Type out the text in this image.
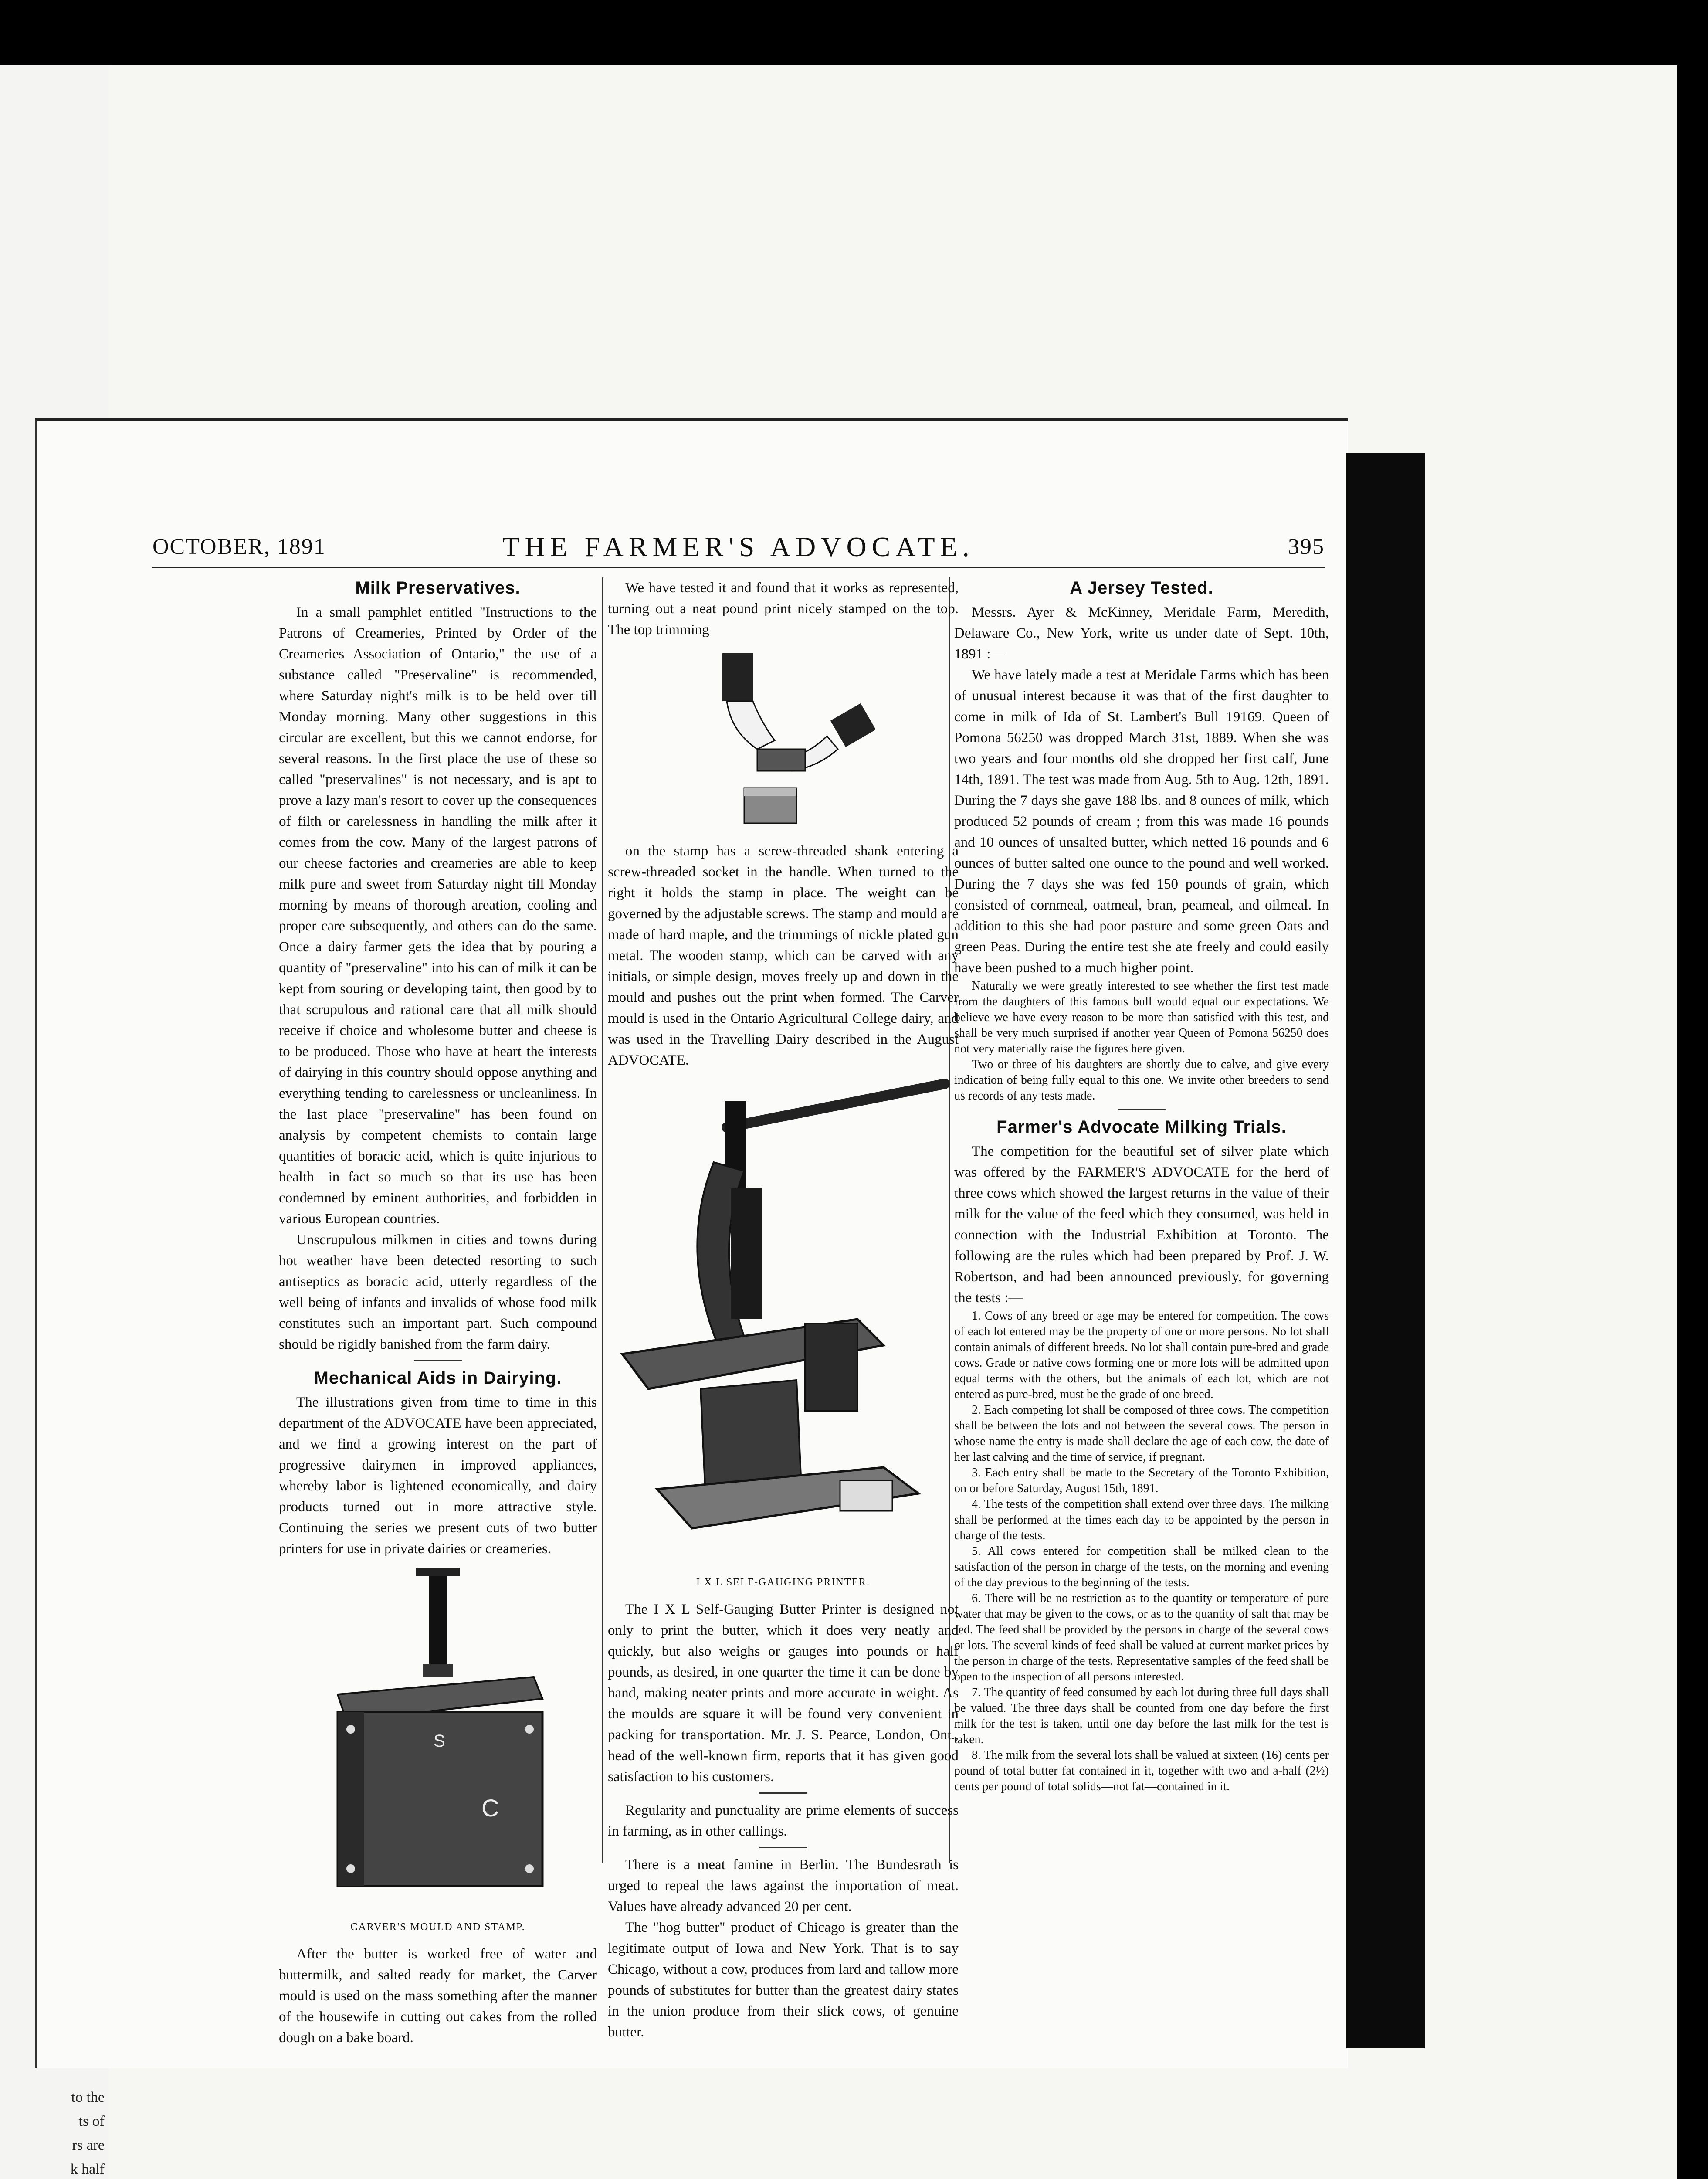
to the
ts of
rs are
k half
OCTOBER, 1891	THE FARMER'S ADVOCATE.	395
Milk Preservatives.

In a small pamphlet entitled "Instructions to the Patrons of Creameries, Printed by Order of the Creameries Association of Ontario," the use of a substance called "Preservaline" is recommended, where Saturday night's milk is to be held over till Monday morning. Many other suggestions in this circular are excellent, but this we cannot endorse, for several reasons. In the first place the use of these so called "preservalines" is not necessary, and is apt to prove a lazy man's resort to cover up the consequences of filth or carelessness in handling the milk after it comes from the cow. Many of the largest patrons of our cheese factories and creameries are able to keep milk pure and sweet from Saturday night till Monday morning by means of thorough areation, cooling and proper care subsequently, and others can do the same. Once a dairy farmer gets the idea that by pouring a quantity of "preservaline" into his can of milk it can be kept from souring or developing taint, then good by to that scrupulous and rational care that all milk should receive if choice and wholesome butter and cheese is to be produced. Those who have at heart the interests of dairying in this country should oppose anything and everything tending to carelessness or uncleanliness. In the last place "preservaline" has been found on analysis by competent chemists to contain large quantities of boracic acid, which is quite injurious to health—in fact so much so that its use has been condemned by eminent authorities, and forbidden in various European countries.

Unscrupulous milkmen in cities and towns during hot weather have been detected resorting to such antiseptics as boracic acid, utterly regardless of the well being of infants and invalids of whose food milk constitutes such an important part. Such compound should be rigidly banished from the farm dairy.

Mechanical Aids in Dairying.

The illustrations given from time to time in this department of the ADVOCATE have been appreciated, and we find a growing interest on the part of progressive dairymen in improved appliances, whereby labor is lightened economically, and dairy products turned out in more attractive style. Continuing the series we present cuts of two butter printers for use in private dairies or creameries.

S
C
CARVER'S MOULD AND STAMP.

After the butter is worked free of water and buttermilk, and salted ready for market, the Carver mould is used on the mass something after the manner of the housewife in cutting out cakes from the rolled dough on a bake board.

We have tested it and found that it works as represented, turning out a neat pound print nicely stamped on the top. The top trimming

on the stamp has a screw-threaded shank entering a screw-threaded socket in the handle. When turned to the right it holds the stamp in place. The weight can be governed by the adjustable screws. The stamp and mould are made of hard maple, and the trimmings of nickle plated gun metal. The wooden stamp, which can be carved with any initials, or simple design, moves freely up and down in the mould and pushes out the print when formed. The Carver mould is used in the Ontario Agricultural College dairy, and was used in the Travelling Dairy described in the August ADVOCATE.

I X L SELF-GAUGING PRINTER.

The I X L Self-Gauging Butter Printer is designed not only to print the butter, which it does very neatly and quickly, but also weighs or gauges into pounds or half pounds, as desired, in one quarter the time it can be done by hand, making neater prints and more accurate in weight. As the moulds are square it will be found very convenient in packing for transportation. Mr. J. S. Pearce, London, Ont., head of the well-known firm, reports that it has given good satisfaction to his customers.

Regularity and punctuality are prime elements of success in farming, as in other callings.

There is a meat famine in Berlin. The Bundesrath is urged to repeal the laws against the importation of meat. Values have already advanced 20 per cent.

The "hog butter" product of Chicago is greater than the legitimate output of Iowa and New York. That is to say Chicago, without a cow, produces from lard and tallow more pounds of substitutes for butter than the greatest dairy states in the union produce from their slick cows, of genuine butter.

A Jersey Tested.

Messrs. Ayer & McKinney, Meridale Farm, Meredith, Delaware Co., New York, write us under date of Sept. 10th, 1891 :—

We have lately made a test at Meridale Farms which has been of unusual interest because it was that of the first daughter to come in milk of Ida of St. Lambert's Bull 19169. Queen of Pomona 56250 was dropped March 31st, 1889. When she was two years and four months old she dropped her first calf, June 14th, 1891. The test was made from Aug. 5th to Aug. 12th, 1891. During the 7 days she gave 188 lbs. and 8 ounces of milk, which produced 52 pounds of cream ; from this was made 16 pounds and 10 ounces of unsalted butter, which netted 16 pounds and 6 ounces of butter salted one ounce to the pound and well worked. During the 7 days she was fed 150 pounds of grain, which consisted of cornmeal, oatmeal, bran, peameal, and oilmeal. In addition to this she had poor pasture and some green Oats and green Peas. During the entire test she ate freely and could easily have been pushed to a much higher point.

Naturally we were greatly interested to see whether the first test made from the daughters of this famous bull would equal our expectations. We believe we have every reason to be more than satisfied with this test, and shall be very much surprised if another year Queen of Pomona 56250 does not very materially raise the figures here given.

Two or three of his daughters are shortly due to calve, and give every indication of being fully equal to this one. We invite other breeders to send us records of any tests made.

Farmer's Advocate Milking Trials.

The competition for the beautiful set of silver plate which was offered by the FARMER'S ADVOCATE for the herd of three cows which showed the largest returns in the value of their milk for the value of the feed which they consumed, was held in connection with the Industrial Exhibition at Toronto. The following are the rules which had been prepared by Prof. J. W. Robertson, and had been announced previously, for governing the tests :—

1. Cows of any breed or age may be entered for competition. The cows of each lot entered may be the property of one or more persons. No lot shall contain animals of different breeds. No lot shall contain pure-bred and grade cows. Grade or native cows forming one or more lots will be admitted upon equal terms with the others, but the animals of each lot, which are not entered as pure-bred, must be the grade of one breed.

2. Each competing lot shall be composed of three cows. The competition shall be between the lots and not between the several cows. The person in whose name the entry is made shall declare the age of each cow, the date of her last calving and the time of service, if pregnant.

3. Each entry shall be made to the Secretary of the Toronto Exhibition, on or before Saturday, August 15th, 1891.

4. The tests of the competition shall extend over three days. The milking shall be performed at the times each day to be appointed by the person in charge of the tests.

5. All cows entered for competition shall be milked clean to the satisfaction of the person in charge of the tests, on the morning and evening of the day previous to the beginning of the tests.

6. There will be no restriction as to the quantity or temperature of pure water that may be given to the cows, or as to the quantity of salt that may be fed. The feed shall be provided by the persons in charge of the several cows or lots. The several kinds of feed shall be valued at current market prices by the person in charge of the tests. Representative samples of the feed shall be open to the inspection of all persons interested.

7. The quantity of feed consumed by each lot during three full days shall be valued. The three days shall be counted from one day before the first milk for the test is taken, until one day before the last milk for the test is taken.

8. The milk from the several lots shall be valued at sixteen (16) cents per pound of total butter fat contained in it, together with two and a-half (2½) cents per pound of total solids—not fat—contained in it.
